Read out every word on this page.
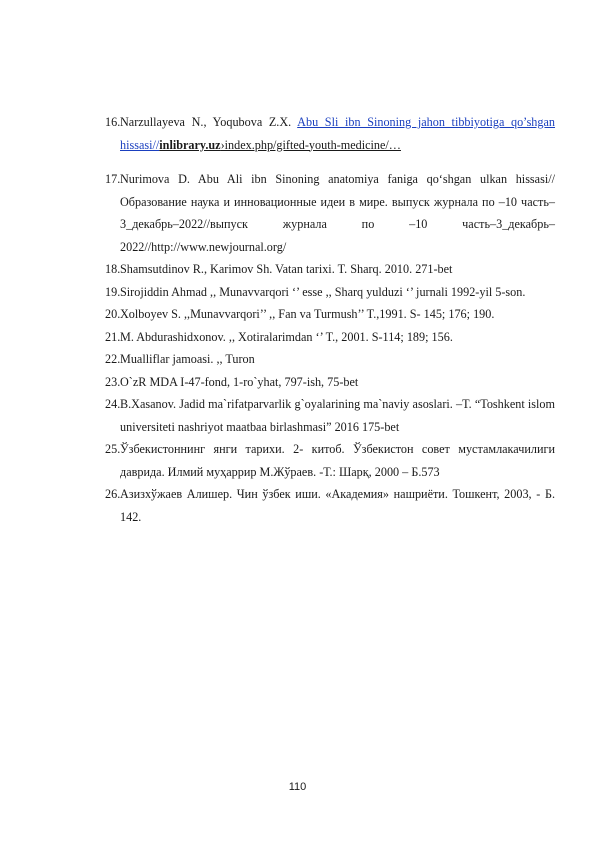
16. Narzullayeva N., Yoqubova Z.X. Abu Sli ibn Sinoning jahon tibbiyotiga qo’shgan hissasi//inlibrary.uz›index.php/gifted-youth-medicine/…
17. Nurimova D. Abu Ali ibn Sinoning anatomiya faniga qo‘shgan ulkan hissasi//Образование наука и инновационные идеи в мире. выпуск журнала по –10 часть–3_декабрь–2022//выпуск журнала по –10 часть–3_декабрь–2022//http://www.newjournal.org/
18. Shamsutdinov R., Karimov Sh. Vatan tarixi. T. Sharq. 2010. 271-bet
19. Sirojiddin Ahmad ,, Munavvarqori ‘’ esse ,, Sharq yulduzi ‘’ jurnali 1992-yil 5-son.
20. Xolboyev S. ,,Munavvarqori’’ ,, Fan va Turmush’’ T.,1991. S- 145; 176; 190.
21. M. Abdurashidxonov. ,, Xotiralarimdan ‘’ T., 2001. S-114; 189; 156.
22. Mualliflar jamoasi. ,, Turon
23. O`zR MDA I-47-fond, 1-ro`yhat, 797-ish, 75-bet
24. B.Xasanov. Jadid ma`rifatparvarlik g`oyalarining ma`naviy asoslari. –T. “Toshkent islom universiteti nashriyot maatbaa birlashmasi” 2016 175-bet
25. Ўзбекистоннинг янги тарихи. 2- китоб. Ўзбекистон совет мустамлакачилиги даврида. Илмий муҳаррир М.Жўраев. -Т.: Шарқ, 2000 – Б.573
26. Азизхўжаев Алишер. Чин ўзбек иши. «Академия» нашриёти. Тошкент, 2003, - Б. 142.
110
